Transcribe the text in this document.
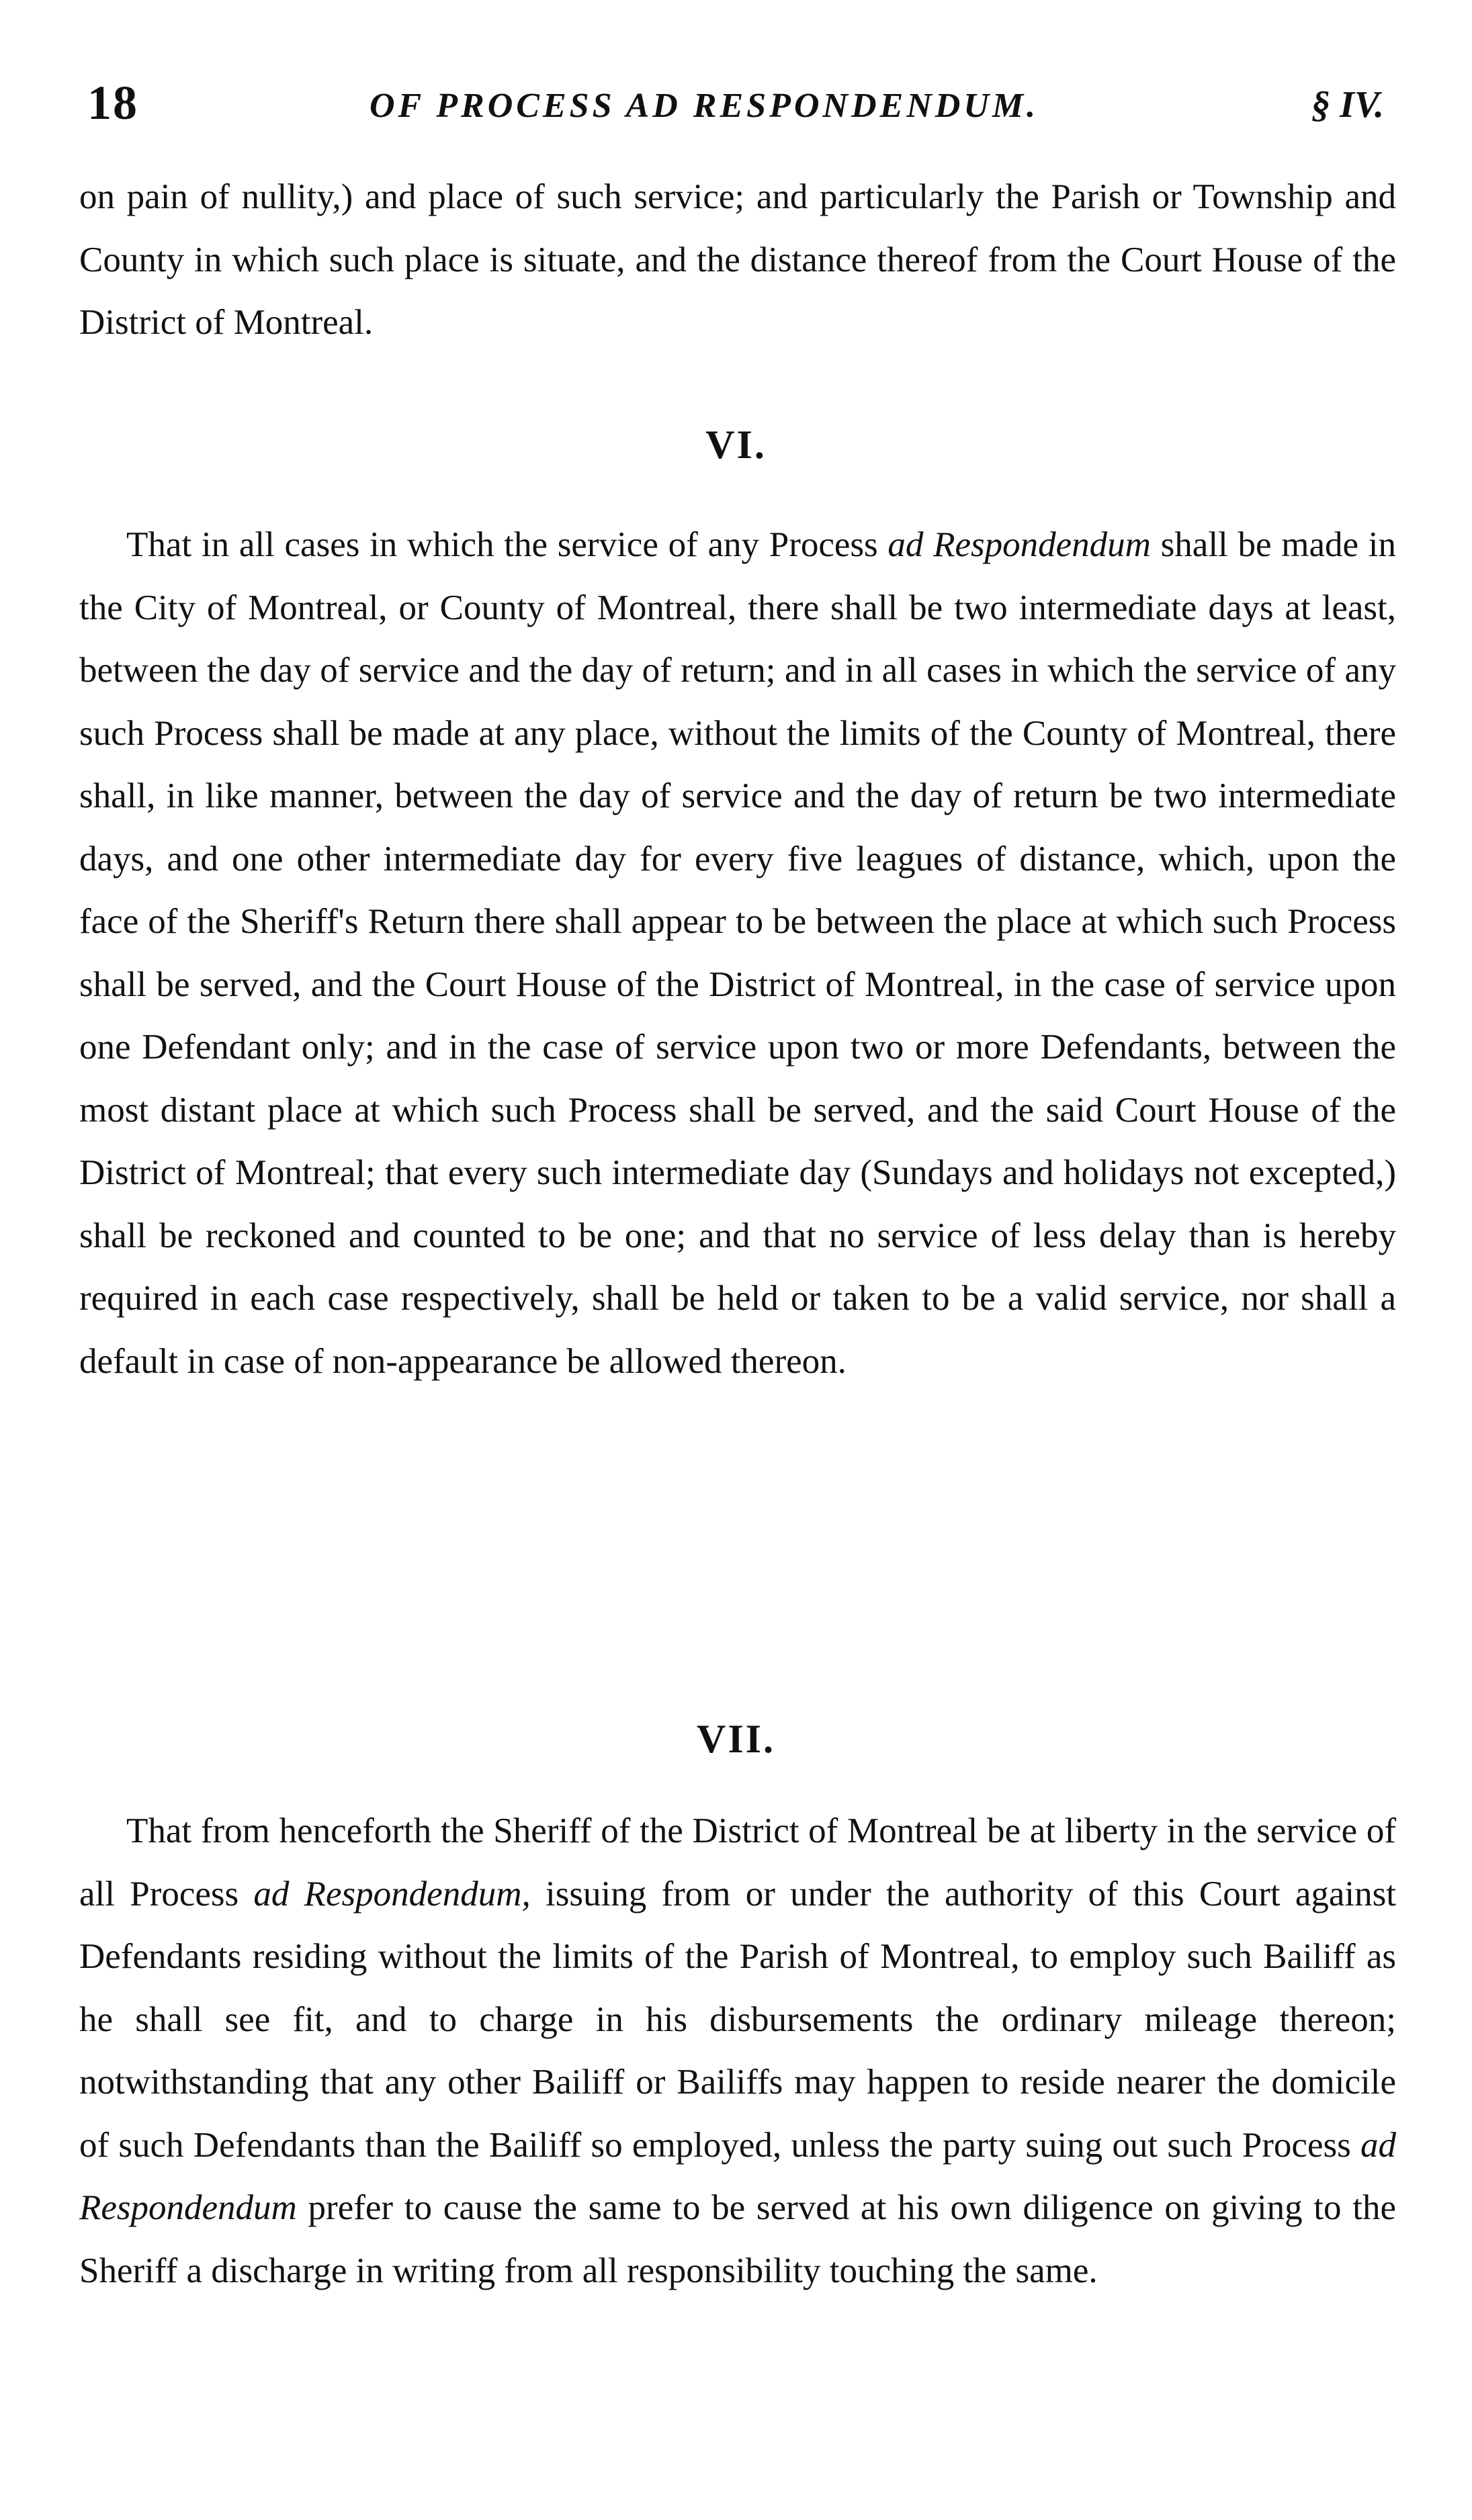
18	OF PROCESS AD RESPONDENDUM.	§ IV.

on pain of nullity,) and place of such service; and particularly the Parish or Township and County in which such place is situate, and the distance thereof from the Court House of the District of Montreal.

VI.

That in all cases in which the service of any Process ad Respondendum shall be made in the City of Montreal, or County of Montreal, there shall be two intermediate days at least, between the day of service and the day of return; and in all cases in which the service of any such Process shall be made at any place, without the limits of the County of Montreal, there shall, in like manner, between the day of service and the day of return be two intermediate days, and one other intermediate day for every five leagues of distance, which, upon the face of the Sheriff's Return there shall appear to be between the place at which such Process shall be served, and the Court House of the District of Montreal, in the case of service upon one Defendant only; and in the case of service upon two or more Defendants, between the most distant place at which such Process shall be served, and the said Court House of the District of Montreal; that every such intermediate day (Sundays and holidays not excepted,) shall be reckoned and counted to be one; and that no service of less delay than is hereby required in each case respectively, shall be held or taken to be a valid service, nor shall a default in case of non-appearance be allowed thereon.

VII.

That from henceforth the Sheriff of the District of Montreal be at liberty in the service of all Process ad Respondendum, issuing from or under the authority of this Court against Defendants residing without the limits of the Parish of Montreal, to employ such Bailiff as he shall see fit, and to charge in his disbursements the ordinary mileage thereon; notwithstanding that any other Bailiff or Bailiffs may happen to reside nearer the domicile of such Defendants than the Bailiff so employed, unless the party suing out such Process ad Respondendum prefer to cause the same to be served at his own diligence on giving to the Sheriff a discharge in writing from all responsibility touching the same.
